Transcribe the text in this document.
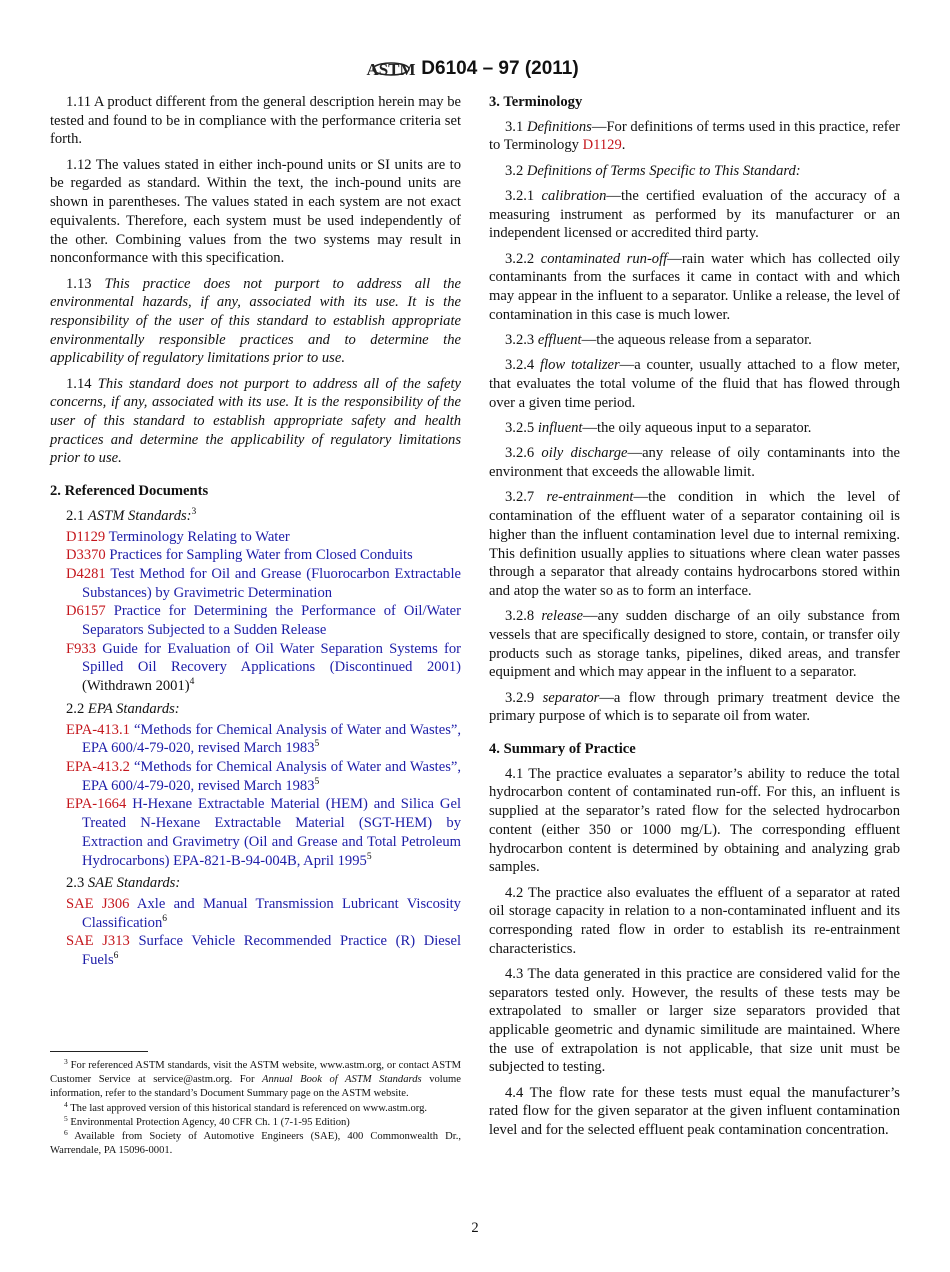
ASTM D6104 – 97 (2011)

1.11 A product different from the general description herein may be tested and found to be in compliance with the performance criteria set forth.

1.12 The values stated in either inch-pound units or SI units are to be regarded as standard. Within the text, the inch-pound units are shown in parentheses. The values stated in each system are not exact equivalents. Therefore, each system must be used independently of the other. Combining values from the two systems may result in nonconformance with this specification.

1.13 This practice does not purport to address all the environmental hazards, if any, associated with its use. It is the responsibility of the user of this standard to establish appropriate environmentally responsible practices and to determine the applicability of regulatory limitations prior to use.

1.14 This standard does not purport to address all of the safety concerns, if any, associated with its use. It is the responsibility of the user of this standard to establish appropriate safety and health practices and determine the applicability of regulatory limitations prior to use.

2. Referenced Documents

2.1 ASTM Standards:$^3$

D1129 Terminology Relating to Water

D3370 Practices for Sampling Water from Closed Conduits

D4281 Test Method for Oil and Grease (Fluorocarbon Extractable Substances) by Gravimetric Determination

D6157 Practice for Determining the Performance of Oil/Water Separators Subjected to a Sudden Release

F933 Guide for Evaluation of Oil Water Separation Systems for Spilled Oil Recovery Applications (Discontinued 2001) (Withdrawn 2001)$^4$

2.2 EPA Standards:

EPA-413.1 “Methods for Chemical Analysis of Water and Wastes”, EPA 600/4-79-020, revised March 1983$^5$

EPA-413.2 “Methods for Chemical Analysis of Water and Wastes”, EPA 600/4-79-020, revised March 1983$^5$

EPA-1664 H-Hexane Extractable Material (HEM) and Silica Gel Treated N-Hexane Extractable Material (SGT-HEM) by Extraction and Gravimetry (Oil and Grease and Total Petroleum Hydrocarbons) EPA-821-B-94-004B, April 1995$^5$

2.3 SAE Standards:

SAE J306 Axle and Manual Transmission Lubricant Viscosity Classification$^6$

SAE J313 Surface Vehicle Recommended Practice (R) Diesel Fuels$^6$

3. Terminology

3.1 Definitions—For definitions of terms used in this practice, refer to Terminology D1129.

3.2 Definitions of Terms Specific to This Standard:

3.2.1 calibration—the certified evaluation of the accuracy of a measuring instrument as performed by its manufacturer or an independent licensed or accredited third party.

3.2.2 contaminated run-off—rain water which has collected oily contaminants from the surfaces it came in contact with and which may appear in the influent to a separator. Unlike a release, the level of contamination in this case is much lower.

3.2.3 effluent—the aqueous release from a separator.

3.2.4 flow totalizer—a counter, usually attached to a flow meter, that evaluates the total volume of the fluid that has flowed through over a given time period.

3.2.5 influent—the oily aqueous input to a separator.

3.2.6 oily discharge—any release of oily contaminants into the environment that exceeds the allowable limit.

3.2.7 re-entrainment—the condition in which the level of contamination of the effluent water of a separator containing oil is higher than the influent contamination level due to internal remixing. This definition usually applies to situations where clean water passes through a separator that already contains hydrocarbons stored within and atop the water so as to form an interface.

3.2.8 release—any sudden discharge of an oily substance from vessels that are specifically designed to store, contain, or transfer oily products such as storage tanks, pipelines, diked areas, and transfer equipment and which may appear in the influent to a separator.

3.2.9 separator—a flow through primary treatment device the primary purpose of which is to separate oil from water.

4. Summary of Practice

4.1 The practice evaluates a separator’s ability to reduce the total hydrocarbon content of contaminated run-off. For this, an influent is supplied at the separator’s rated flow for the selected hydrocarbon content (either 350 or 1000 mg/L). The corresponding effluent hydrocarbon content is determined by obtaining and analyzing grab samples.

4.2 The practice also evaluates the effluent of a separator at rated oil storage capacity in relation to a non-contaminated influent and its corresponding rated flow in order to establish its re-entrainment characteristics.

4.3 The data generated in this practice are considered valid for the separators tested only. However, the results of these tests may be extrapolated to smaller or larger size separators provided that applicable geometric and dynamic similitude are maintained. Where the use of extrapolation is not applicable, that size unit must be subjected to testing.

4.4 The flow rate for these tests must equal the manufacturer’s rated flow for the given separator at the given influent contamination level and for the selected effluent peak contamination concentration.

$^3$ For referenced ASTM standards, visit the ASTM website, www.astm.org, or contact ASTM Customer Service at service@astm.org. For Annual Book of ASTM Standards volume information, refer to the standard’s Document Summary page on the ASTM website.

$^4$ The last approved version of this historical standard is referenced on www.astm.org.

$^5$ Environmental Protection Agency, 40 CFR Ch. 1 (7-1-95 Edition)

$^6$ Available from Society of Automotive Engineers (SAE), 400 Commonwealth Dr., Warrendale, PA 15096-0001.

2
